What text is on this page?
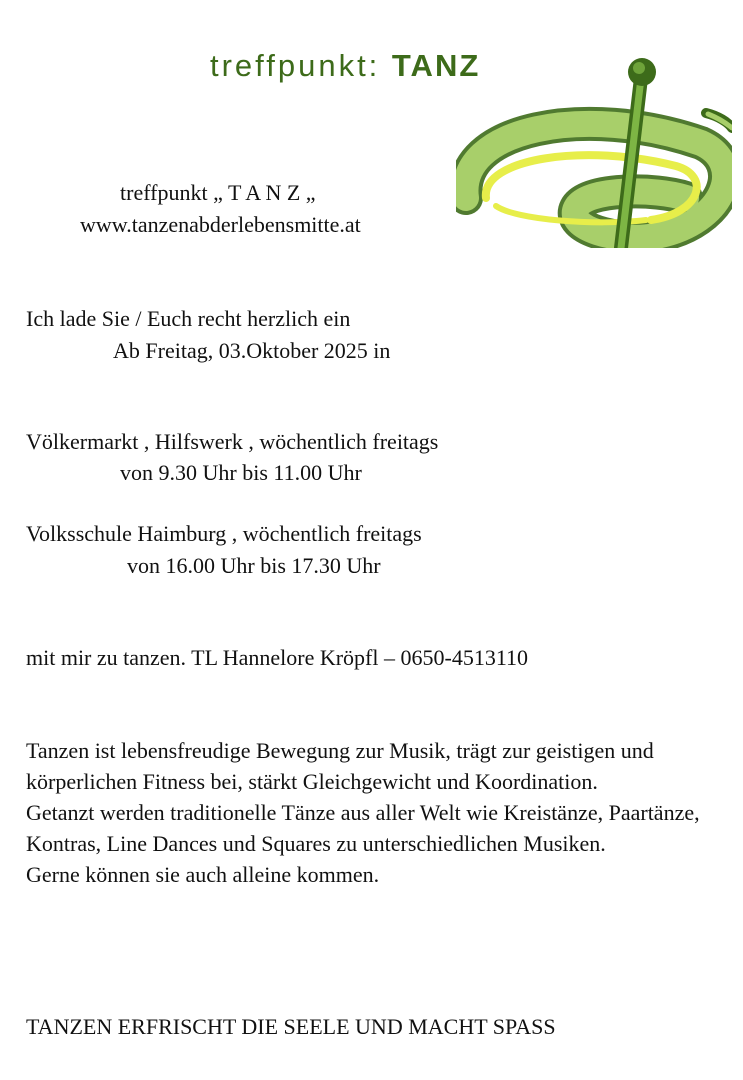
treffpunkt: TANZ
treffpunkt „ T A N Z „
www.tanzenabderlebensmitte.at
Ich lade Sie / Euch recht herzlich ein
Ab Freitag, 03.Oktober 2025 in
Völkermarkt , Hilfswerk , wöchentlich freitags
von 9.30 Uhr bis 11.00 Uhr
Volksschule Haimburg , wöchentlich freitags
von 16.00 Uhr bis 17.30 Uhr
mit mir zu tanzen. TL Hannelore Kröpfl – 0650-4513110

Tanzen ist lebensfreudige Bewegung zur Musik, trägt zur geistigen und körperlichen Fitness bei, stärkt Gleichgewicht und Koordination.

Getanzt werden traditionelle Tänze aus aller Welt wie Kreistänze, Paartänze, Kontras, Line Dances und Squares zu unterschiedlichen Musiken.

Gerne können sie auch alleine kommen.

TANZEN ERFRISCHT DIE SEELE UND MACHT SPASS
